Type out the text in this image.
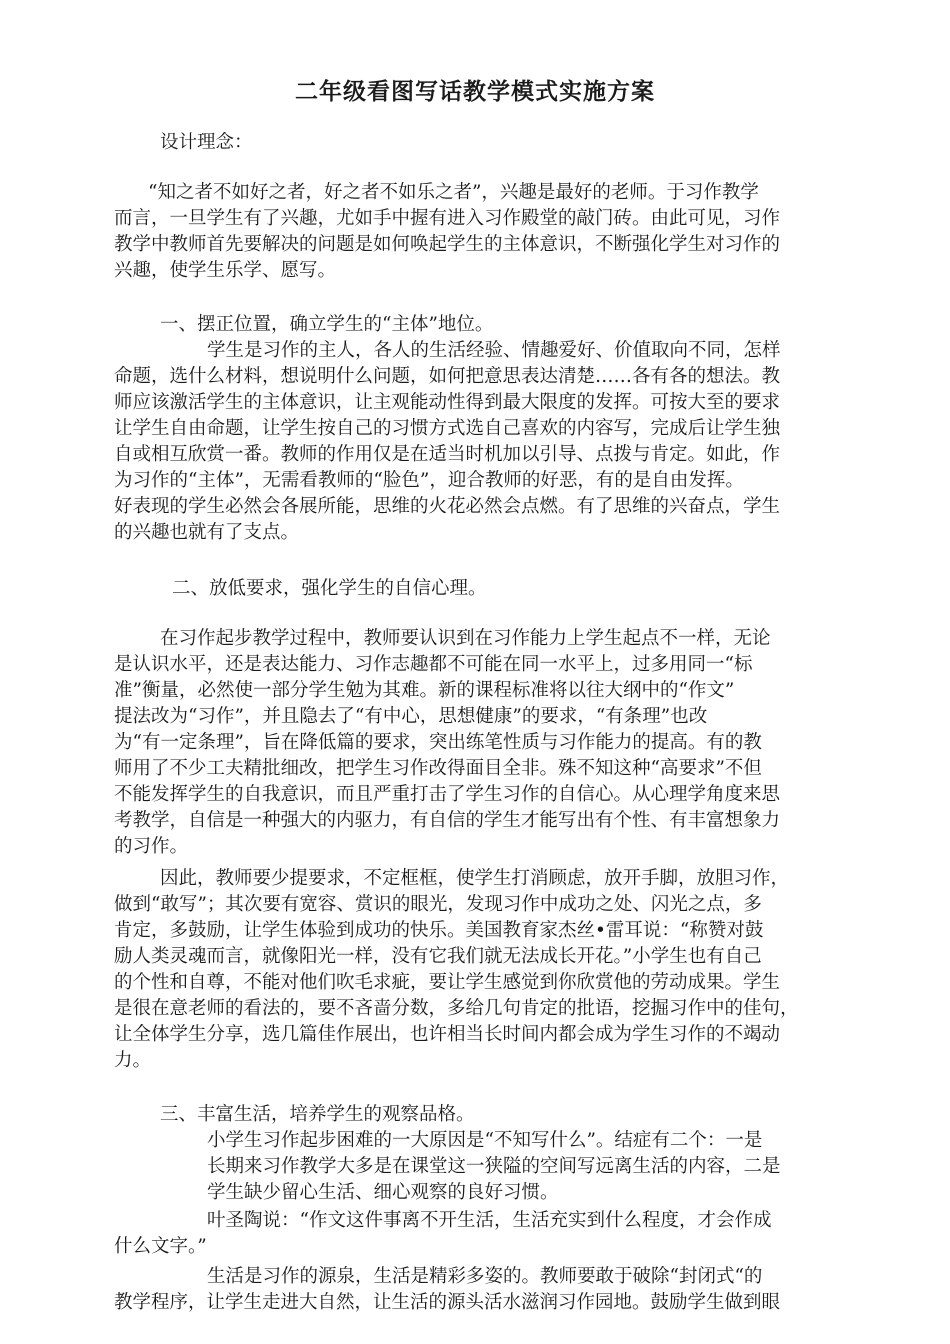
二年级看图写话教学模式实施方案
设计理念：
“知之者不如好之者，好之者不如乐之者”，兴趣是最好的老师。于习作教学
而言，一旦学生有了兴趣，尤如手中握有进入习作殿堂的敲门砖。由此可见，习作
教学中教师首先要解决的问题是如何唤起学生的主体意识，不断强化学生对习作的
兴趣，使学生乐学、愿写。
一、摆正位置，确立学生的“主体”地位。
学生是习作的主人，各人的生活经验、情趣爱好、价值取向不同，怎样
命题，选什么材料，想说明什么问题，如何把意思表达清楚……各有各的想法。教
师应该激活学生的主体意识，让主观能动性得到最大限度的发挥。可按大至的要求
让学生自由命题，让学生按自己的习惯方式选自己喜欢的内容写，完成后让学生独
自或相互欣赏一番。教师的作用仅是在适当时机加以引导、点拨与肯定。如此，作
为习作的“主体”，无需看教师的“脸色”，迎合教师的好恶，有的是自由发挥。
好表现的学生必然会各展所能，思维的火花必然会点燃。有了思维的兴奋点，学生
的兴趣也就有了支点。
二、放低要求，强化学生的自信心理。
在习作起步教学过程中，教师要认识到在习作能力上学生起点不一样，无论
是认识水平，还是表达能力、习作志趣都不可能在同一水平上，过多用同一“标
准”衡量，必然使一部分学生勉为其难。新的课程标准将以往大纲中的“作文”
提法改为“习作”，并且隐去了“有中心，思想健康”的要求，“有条理”也改
为“有一定条理”，旨在降低篇的要求，突出练笔性质与习作能力的提高。有的教
师用了不少工夫精批细改，把学生习作改得面目全非。殊不知这种“高要求”不但
不能发挥学生的自我意识，而且严重打击了学生习作的自信心。从心理学角度来思
考教学，自信是一种强大的内驱力，有自信的学生才能写出有个性、有丰富想象力
的习作。
因此，教师要少提要求，不定框框，使学生打消顾虑，放开手脚，放胆习作，
做到“敢写”；其次要有宽容、赏识的眼光，发现习作中成功之处、闪光之点，多
肯定，多鼓励，让学生体验到成功的快乐。美国教育家杰丝•雷耳说：“称赞对鼓
励人类灵魂而言，就像阳光一样，没有它我们就无法成长开花。”小学生也有自己
的个性和自尊，不能对他们吹毛求疵，要让学生感觉到你欣赏他的劳动成果。学生
是很在意老师的看法的，要不吝啬分数，多给几句肯定的批语，挖掘习作中的佳句，
让全体学生分享，选几篇佳作展出，也许相当长时间内都会成为学生习作的不竭动
力。
三、丰富生活，培养学生的观察品格。
小学生习作起步困难的一大原因是“不知写什么”。结症有二个：一是
长期来习作教学大多是在课堂这一狭隘的空间写远离生活的内容，二是
学生缺少留心生活、细心观察的良好习惯。
叶圣陶说：“作文这件事离不开生活，生活充实到什么程度，才会作成
什么文字。”
生活是习作的源泉，生活是精彩多姿的。教师要敢于破除“封闭式“的
教学程序，让学生走进大自然，让生活的源头活水滋润习作园地。鼓励学生做到眼
